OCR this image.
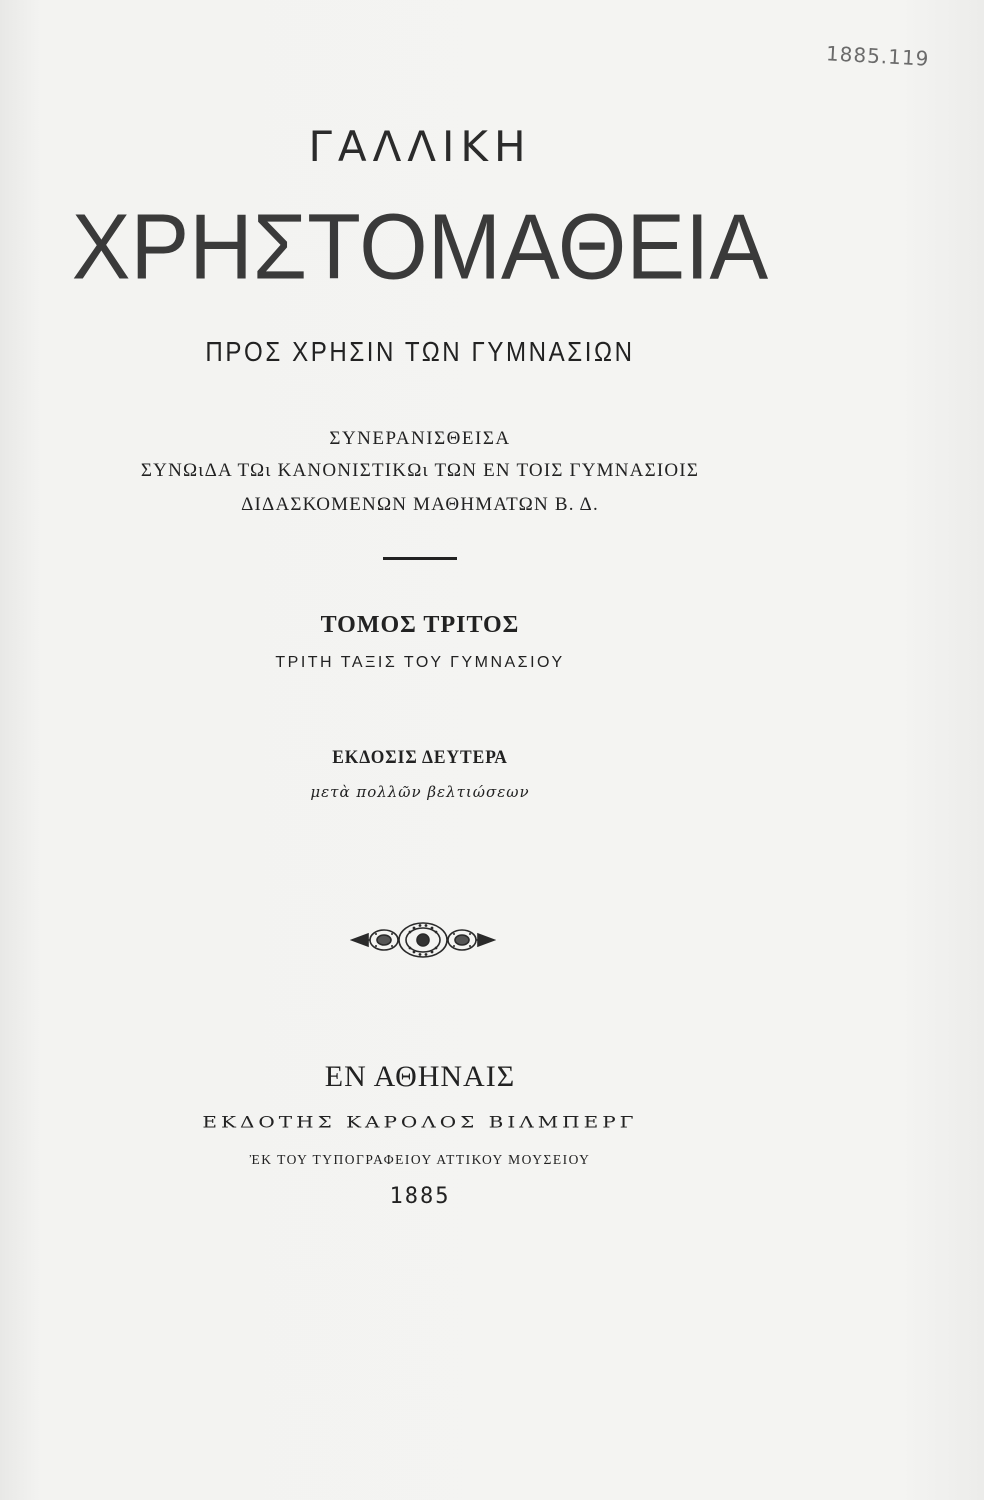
1885.119
ΓΑΛΛΙΚΗ
ΧΡΗΣΤΟΜΑΘΕΙΑ
ΠΡΟΣ ΧΡΗΣΙΝ ΤΩΝ ΓΥΜΝΑΣΙΩΝ
ΣΥΝΕΡΑΝΙΣΘΕΙΣΑ
ΣΥΝΩιΔΑ ΤΩι ΚΑΝΟΝΙΣΤΙΚΩι ΤΩΝ ΕΝ ΤΟΙΣ ΓΥΜΝΑΣΙΟΙΣ
ΔΙΔΑΣΚΟΜΕΝΩΝ ΜΑΘΗΜΑΤΩΝ Β. Δ.
ΤΟΜΟΣ ΤΡΙΤΟΣ
ΤΡΙΤΗ ΤΑΞΙΣ ΤΟΥ ΓΥΜΝΑΣΙΟΥ
ΕΚΔΟΣΙΣ ΔΕΥΤΕΡΑ
μετὰ πολλῶν βελτιώσεων
ΕΝ ΑΘΗΝΑΙΣ
ΕΚΔΟΤΗΣ ΚΑΡΟΛΟΣ ΒΙΛΜΠΕΡΓ
ἘΚ ΤΟΥ ΤΥΠΟΓΡΑΦΕΙΟΥ ΑΤΤΙΚΟΥ ΜΟΥΣΕΙΟΥ
1885
